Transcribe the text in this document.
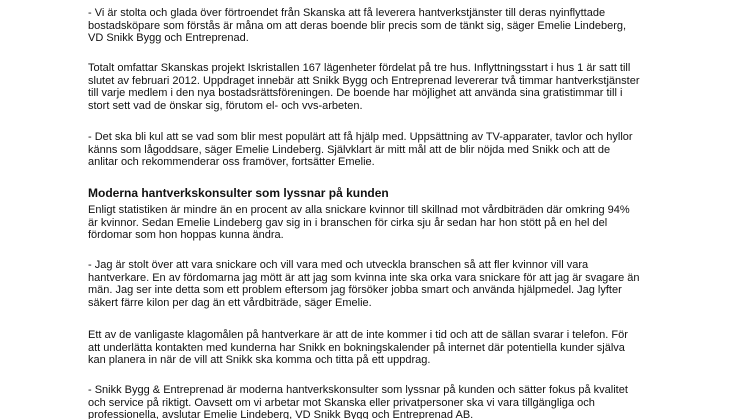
- Vi är stolta och glada över förtroendet från Skanska att få leverera hantverkstjänster till deras nyinflyttade
bostadsköpare som förstås är måna om att deras boende blir precis som de tänkt sig, säger Emelie Lindeberg,
VD Snikk Bygg och Entreprenad.

Totalt omfattar Skanskas projekt Iskristallen 167 lägenheter fördelat på tre hus. Inflyttningsstart i hus 1 är satt till
slutet av februari 2012. Uppdraget innebär att Snikk Bygg och Entreprenad levererar två timmar hantverkstjänster
till varje medlem i den nya bostadsrättsföreningen. De boende har möjlighet att använda sina gratistimmar till i
stort sett vad de önskar sig, förutom el- och vvs-arbeten.

- Det ska bli kul att se vad som blir mest populärt att få hjälp med. Uppsättning av TV-apparater, tavlor och hyllor
känns som lågoddsare, säger Emelie Lindeberg. Självklart är mitt mål att de blir nöjda med Snikk och att de
anlitar och rekommenderar oss framöver, fortsätter Emelie.

Moderna hantverkskonsulter som lyssnar på kunden

Enligt statistiken är mindre än en procent av alla snickare kvinnor till skillnad mot vårdbiträden där omkring 94%
är kvinnor. Sedan Emelie Lindeberg gav sig in i branschen för cirka sju år sedan har hon stött på en hel del
fördomar som hon hoppas kunna ändra.

- Jag är stolt över att vara snickare och vill vara med och utveckla branschen så att fler kvinnor vill vara
hantverkare. En av fördomarna jag mött är att jag som kvinna inte ska orka vara snickare för att jag är svagare än
män. Jag ser inte detta som ett problem eftersom jag försöker jobba smart och använda hjälpmedel. Jag lyfter
säkert färre kilon per dag än ett vårdbiträde, säger Emelie.

Ett av de vanligaste klagomålen på hantverkare är att de inte kommer i tid och att de sällan svarar i telefon. För
att underlätta kontakten med kunderna har Snikk en bokningskalender på internet där potentiella kunder själva
kan planera in när de vill att Snikk ska komma och titta på ett uppdrag.

- Snikk Bygg & Entreprenad är moderna hantverkskonsulter som lyssnar på kunden och sätter fokus på kvalitet
och service på riktigt. Oavsett om vi arbetar mot Skanska eller privatpersoner ska vi vara tillgängliga och
professionella, avslutar Emelie Lindeberg, VD Snikk Bygg och Entreprenad AB.
